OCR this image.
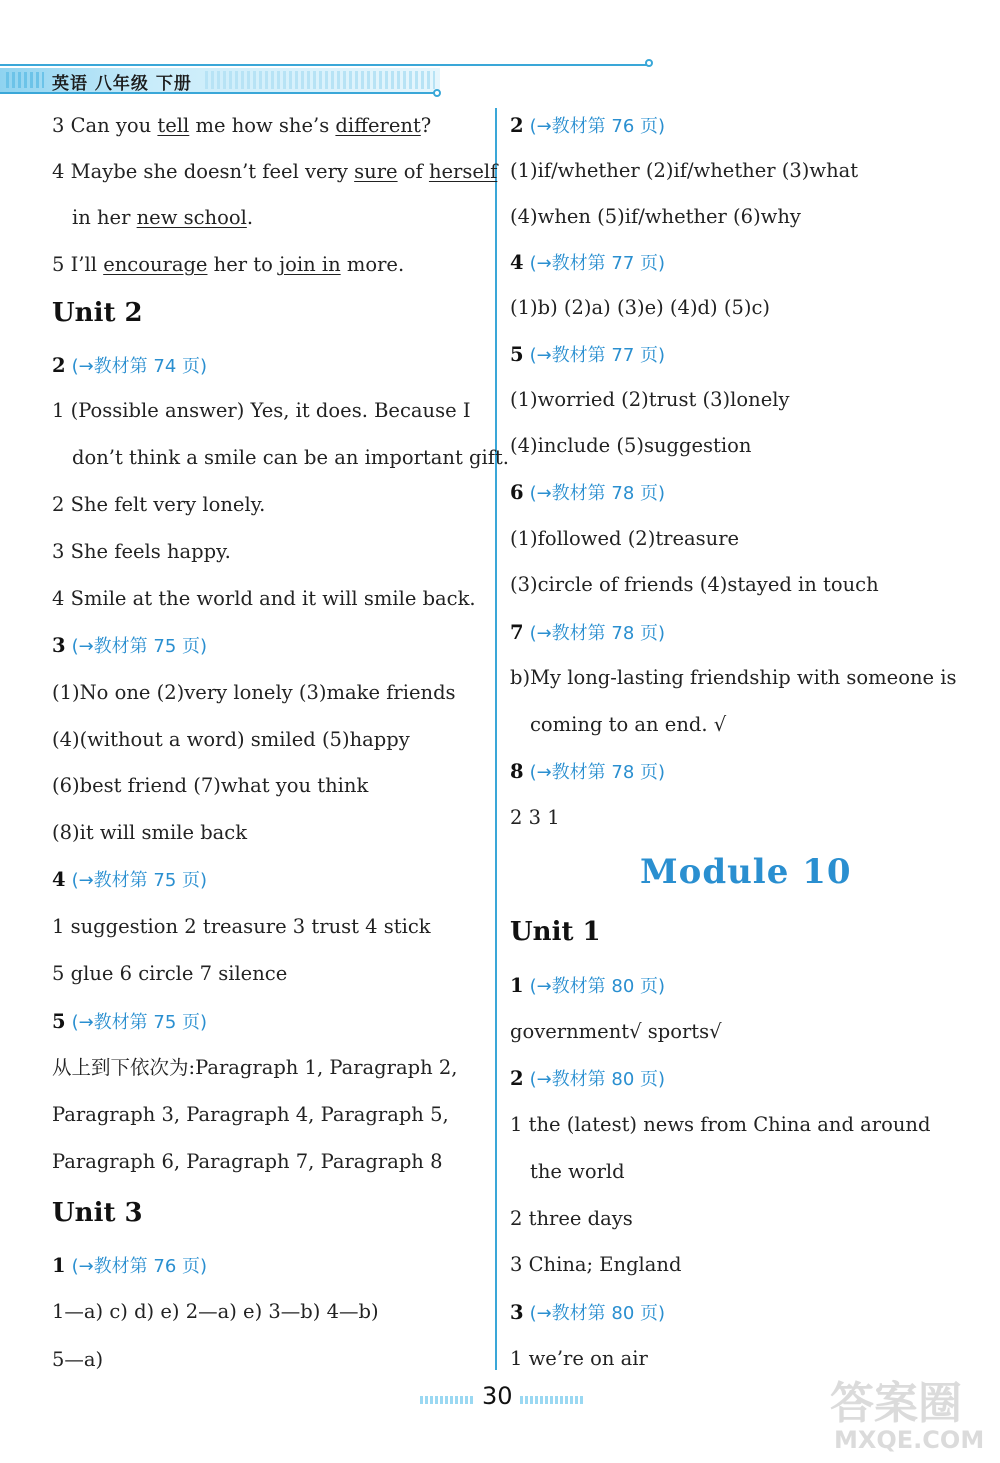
英语 八年级 下册
3 Can you tell me how she’s different?
4 Maybe she doesn’t feel very sure of herself
in her new school.
5 I’ll encourage her to join in more.
Unit 2
2 (→教材第 74 页)
1 (Possible answer) Yes, it does. Because I
don’t think a smile can be an important gift.
2 She felt very lonely.
3 She feels happy.
4 Smile at the world and it will smile back.
3 (→教材第 75 页)
(1)No one (2)very lonely (3)make friends
(4)(without a word) smiled (5)happy
(6)best friend (7)what you think
(8)it will smile back
4 (→教材第 75 页)
1 suggestion 2 treasure 3 trust 4 stick
5 glue 6 circle 7 silence
5 (→教材第 75 页)
从上到下依次为:Paragraph 1, Paragraph 2,
Paragraph 3, Paragraph 4, Paragraph 5,
Paragraph 6, Paragraph 7, Paragraph 8
Unit 3
1 (→教材第 76 页)
1—a) c) d) e) 2—a) e) 3—b) 4—b)
5—a)
2 (→教材第 76 页)
(1)if/whether (2)if/whether (3)what
(4)when (5)if/whether (6)why
4 (→教材第 77 页)
(1)b) (2)a) (3)e) (4)d) (5)c)
5 (→教材第 77 页)
(1)worried (2)trust (3)lonely
(4)include (5)suggestion
6 (→教材第 78 页)
(1)followed (2)treasure
(3)circle of friends (4)stayed in touch
7 (→教材第 78 页)
b)My long-lasting friendship with someone is
coming to an end. √
8 (→教材第 78 页)
2 3 1
Module 10
Unit 1
1 (→教材第 80 页)
government√ sports√
2 (→教材第 80 页)
1 the (latest) news from China and around
the world
2 three days
3 China; England
3 (→教材第 80 页)
1 we’re on air
30	答案圈
MXQE.COM
